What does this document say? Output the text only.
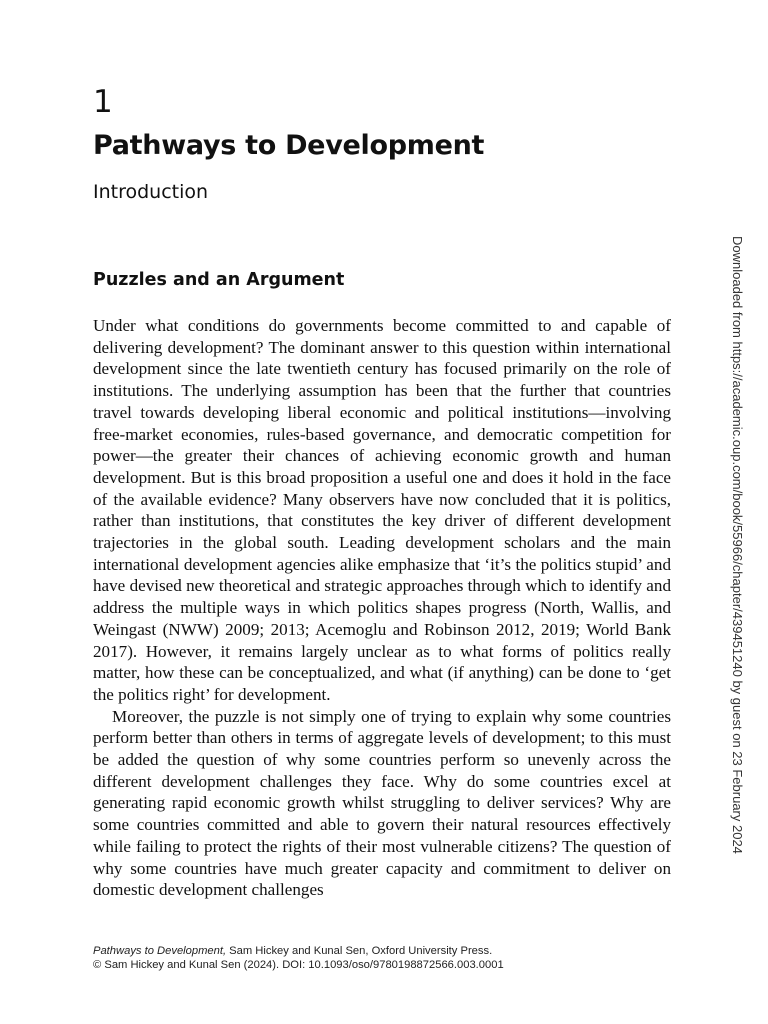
1
Pathways to Development
Introduction
Puzzles and an Argument

Under what conditions do governments become committed to and capable of delivering development? The dominant answer to this question within international development since the late twentieth century has focused primarily on the role of institutions. The underlying assumption has been that the further that countries travel towards developing liberal economic and political institutions—involving free-market economies, rules-based governance, and democratic competition for power—the greater their chances of achieving economic growth and human development. But is this broad proposition a useful one and does it hold in the face of the available evidence? Many observers have now concluded that it is politics, rather than institutions, that constitutes the key driver of different development trajectories in the global south. Leading development scholars and the main international development agencies alike emphasize that ‘it’s the politics stupid’ and have devised new theoretical and strategic approaches through which to identify and address the multiple ways in which politics shapes progress (North, Wallis, and Weingast (NWW) 2009; 2013; Acemoglu and Robinson 2012, 2019; World Bank 2017). However, it remains largely unclear as to what forms of politics really matter, how these can be conceptualized, and what (if anything) can be done to ‘get the politics right’ for development.

Moreover, the puzzle is not simply one of trying to explain why some countries perform better than others in terms of aggregate levels of development; to this must be added the question of why some countries perform so unevenly across the different development challenges they face. Why do some countries excel at generating rapid economic growth whilst struggling to deliver services? Why are some countries committed and able to govern their natural resources effectively while failing to protect the rights of their most vulnerable citizens? The question of why some countries have much greater capacity and commitment to deliver on domestic development challenges

Downloaded from https://academic.oup.com/book/55966/chapter/439451240 by guest on 23 February 2024
Pathways to Development, Sam Hickey and Kunal Sen, Oxford University Press.
© Sam Hickey and Kunal Sen (2024). DOI: 10.1093/oso/9780198872566.003.0001
